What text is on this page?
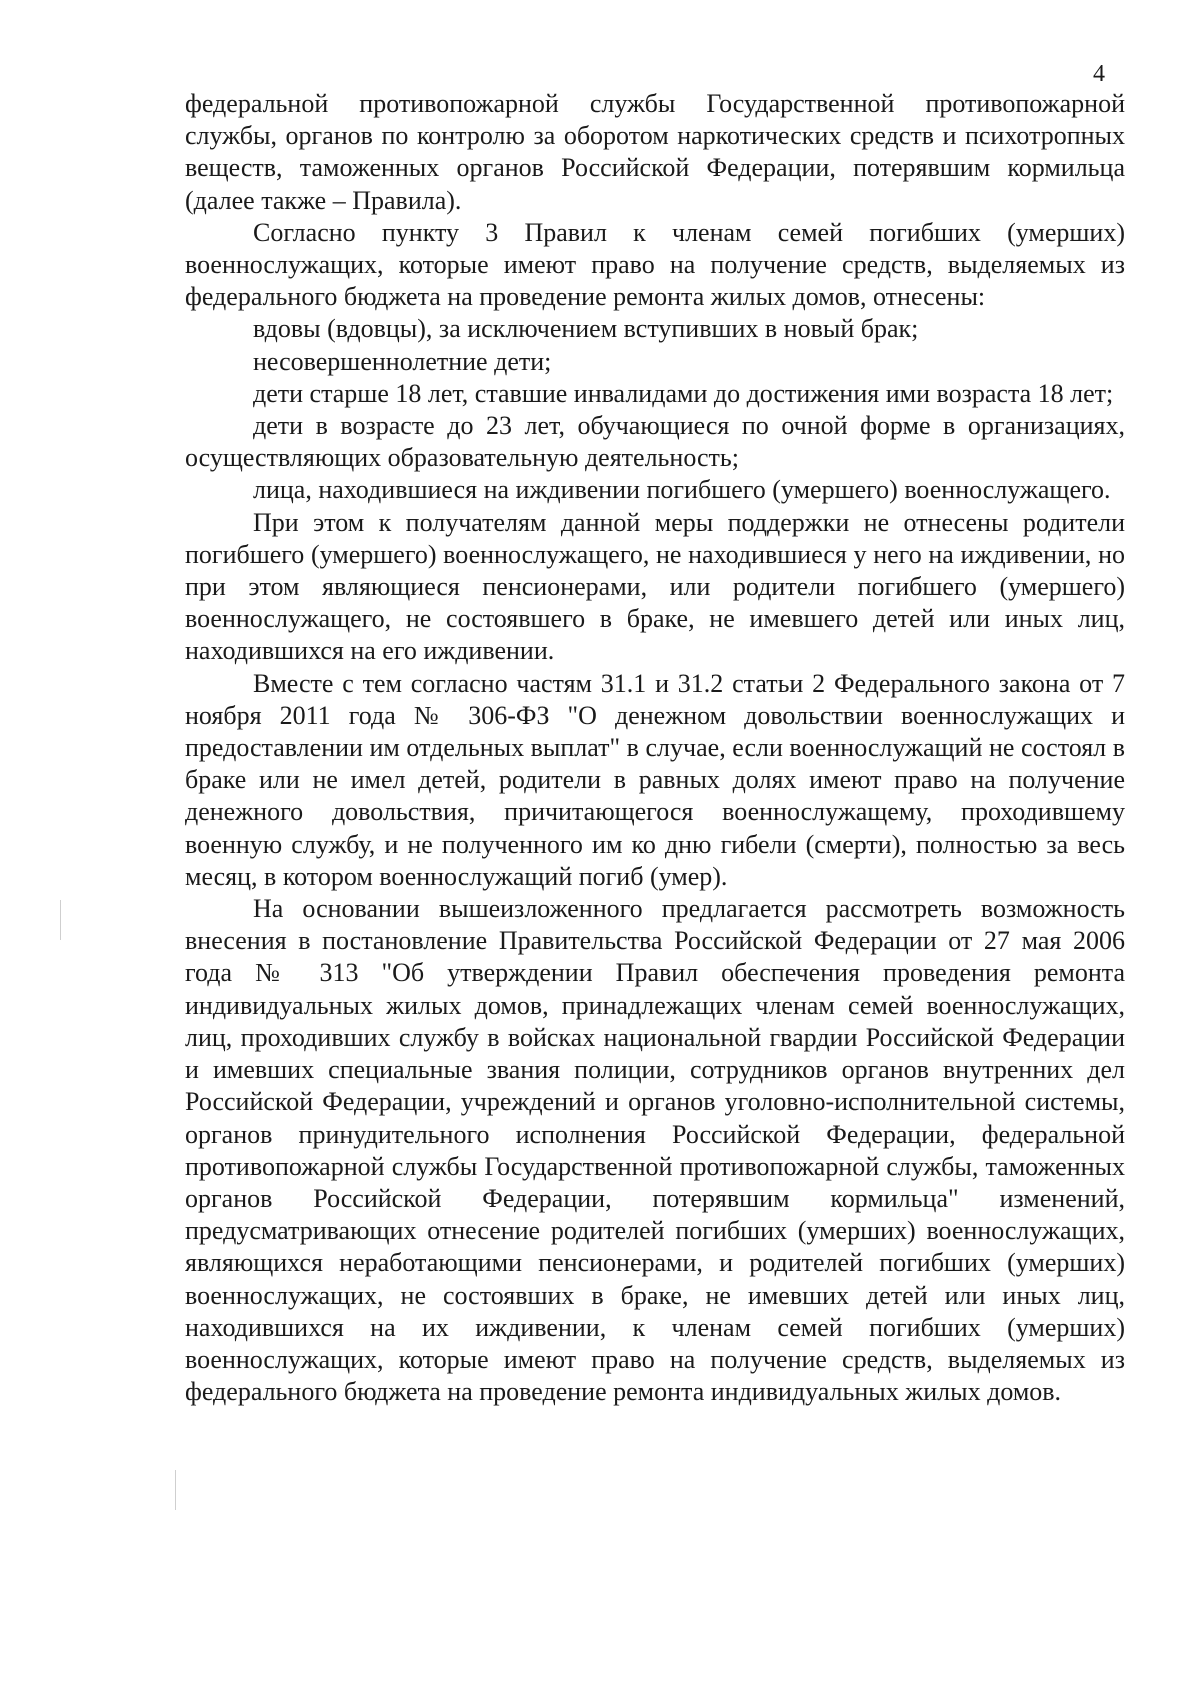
4

федеральной противопожарной службы Государственной противопожарной службы, органов по контролю за оборотом наркотических средств и психотропных веществ, таможенных органов Российской Федерации, потерявшим кормильца (далее также – Правила).

Согласно пункту 3 Правил к членам семей погибших (умерших) военнослужащих, которые имеют право на получение средств, выделяемых из федерального бюджета на проведение ремонта жилых домов, отнесены:

вдовы (вдовцы), за исключением вступивших в новый брак;

несовершеннолетние дети;

дети старше 18 лет, ставшие инвалидами до достижения ими возраста 18 лет;

дети в возрасте до 23 лет, обучающиеся по очной форме в организациях, осуществляющих образовательную деятельность;

лица, находившиеся на иждивении погибшего (умершего) военнослужащего.

При этом к получателям данной меры поддержки не отнесены родители погибшего (умершего) военнослужащего, не находившиеся у него на иждивении, но при этом являющиеся пенсионерами, или родители погибшего (умершего) военнослужащего, не состоявшего в браке, не имевшего детей или иных лиц, находившихся на его иждивении.

Вместе с тем согласно частям 31.1 и 31.2 статьи 2 Федерального закона от 7 ноября 2011 года № 306-ФЗ "О денежном довольствии военнослужащих и предоставлении им отдельных выплат" в случае, если военнослужащий не состоял в браке или не имел детей, родители в равных долях имеют право на получение денежного довольствия, причитающегося военнослужащему, проходившему военную службу, и не полученного им ко дню гибели (смерти), полностью за весь месяц, в котором военнослужащий погиб (умер).

На основании вышеизложенного предлагается рассмотреть возможность внесения в постановление Правительства Российской Федерации от 27 мая 2006 года № 313 "Об утверждении Правил обеспечения проведения ремонта индивидуальных жилых домов, принадлежащих членам семей военнослужащих, лиц, проходивших службу в войсках национальной гвардии Российской Федерации и имевших специальные звания полиции, сотрудников органов внутренних дел Российской Федерации, учреждений и органов уголовно-исполнительной системы, органов принудительного исполнения Российской Федерации, федеральной противопожарной службы Государственной противопожарной службы, таможенных органов Российской Федерации, потерявшим кормильца" изменений, предусматривающих отнесение родителей погибших (умерших) военнослужащих, являющихся неработающими пенсионерами, и родителей погибших (умерших) военнослужащих, не состоявших в браке, не имевших детей или иных лиц, находившихся на их иждивении, к членам семей погибших (умерших) военнослужащих, которые имеют право на получение средств, выделяемых из федерального бюджета на проведение ремонта индивидуальных жилых домов.
